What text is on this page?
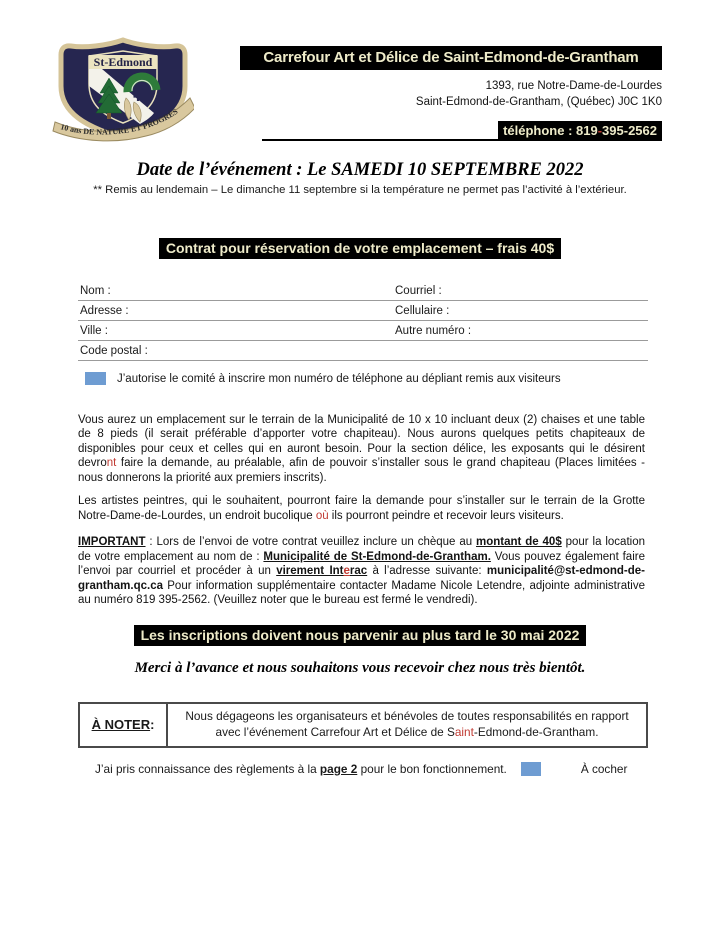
St-Edmond
10 ans DE NATURE ET PROGRÈS
Carrefour Art et Délice de Saint-Edmond-de-Grantham
1393, rue Notre-Dame-de-Lourdes
Saint-Edmond-de-Grantham, (Québec) J0C 1K0
téléphone : 819-395-2562
Date de l’événement : Le SAMEDI 10 SEPTEMBRE 2022
** Remis au lendemain – Le dimanche 11 septembre si la température ne permet pas l’activité à l’extérieur.
Contrat pour réservation de votre emplacement – frais 40$
Nom :	Courriel :
Adresse :	Cellulaire :
Ville :	Autre numéro :
Code postal :
J’autorise le comité à inscrire mon numéro de téléphone au dépliant remis aux visiteurs

Vous aurez un emplacement sur le terrain de la Municipalité de 10 x 10 incluant deux (2) chaises et une table de 8 pieds (il serait préférable d’apporter votre chapiteau). Nous aurons quelques petits chapiteaux de disponibles pour ceux et celles qui en auront besoin. Pour la section délice, les exposants qui le désirent devront faire la demande, au préalable, afin de pouvoir s’installer sous le grand chapiteau (Places limitées - nous donnerons la priorité aux premiers inscrits).

Les artistes peintres, qui le souhaitent, pourront faire la demande pour s’installer sur le terrain de la Grotte Notre-Dame-de-Lourdes, un endroit bucolique où ils pourront peindre et recevoir leurs visiteurs.

IMPORTANT : Lors de l’envoi de votre contrat veuillez inclure un chèque au montant de 40$ pour la location de votre emplacement au nom de : Municipalité de St-Edmond-de-Grantham. Vous pouvez également faire l’envoi par courriel et procéder à un virement Interac à l’adresse suivante: municipalité@st-edmond-de-grantham.qc.ca Pour information supplémentaire contacter Madame Nicole Letendre, adjointe administrative au numéro 819 395-2562. (Veuillez noter que le bureau est fermé le vendredi).

Les inscriptions doivent nous parvenir au plus tard le 30 mai 2022
Merci à l’avance et nous souhaitons vous recevoir chez nous très bientôt.
À NOTER :
Nous dégageons les organisateurs et bénévoles de toutes responsabilités en rapport avec l’événement Carrefour Art et Délice de Saint-Edmond-de-Grantham.
J’ai pris connaissance des règlements à la page 2 pour le bon fonctionnement.	À cocher
